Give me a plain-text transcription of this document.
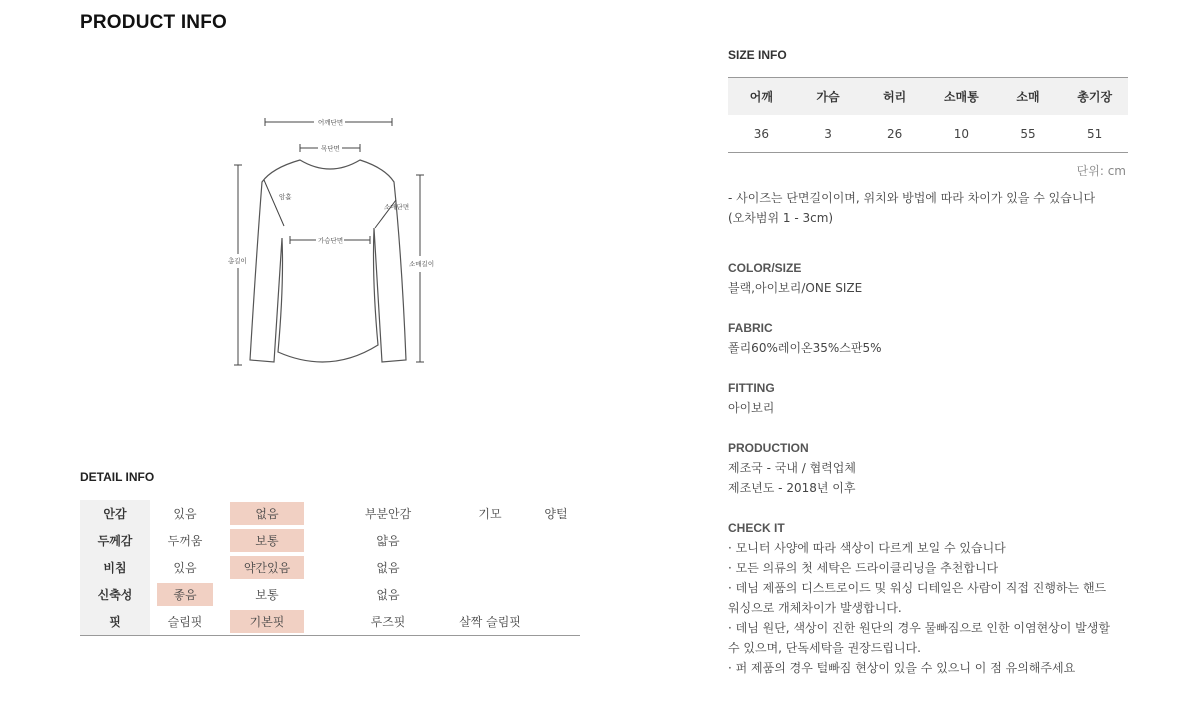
PRODUCT INFO
어깨단면
목단면
암홀
소매단면
가슴단면
총길이	소매길이
DETAIL INFO
안감	있음	없음	부분안감	기모	양털
두께감	두꺼움	보통	얇음
비침	있음	약간있음	없음
신축성	좋음	보통	없음
핏	슬림핏	기본핏	루즈핏	살짝 슬림핏
SIZE INFO
어깨	가슴	허리	소매통	소매	총기장
36	3	26	10	55	51
단위: cm
- 사이즈는 단면길이이며, 위치와 방법에 따라 차이가 있을 수 있습니다
(오차범위 1 - 3cm)
COLOR/SIZE
블랙,아이보리/ONE SIZE
FABRIC
폴리60%레이온35%스판5%
FITTING
아이보리
PRODUCTION
제조국 - 국내 / 협력업체
제조년도 - 2018년 이후
CHECK IT
· 모니터 사양에 따라 색상이 다르게 보일 수 있습니다
· 모든 의류의 첫 세탁은 드라이클리닝을 추천합니다
· 데님 제품의 디스트로이드 및 워싱 디테일은 사람이 직접 진행하는 핸드
워싱으로 개체차이가 발생합니다.
· 데님 원단, 색상이 진한 원단의 경우 물빠짐으로 인한 이염현상이 발생할
수 있으며, 단독세탁을 권장드립니다.
· 퍼 제품의 경우 털빠짐 현상이 있을 수 있으니 이 점 유의해주세요
